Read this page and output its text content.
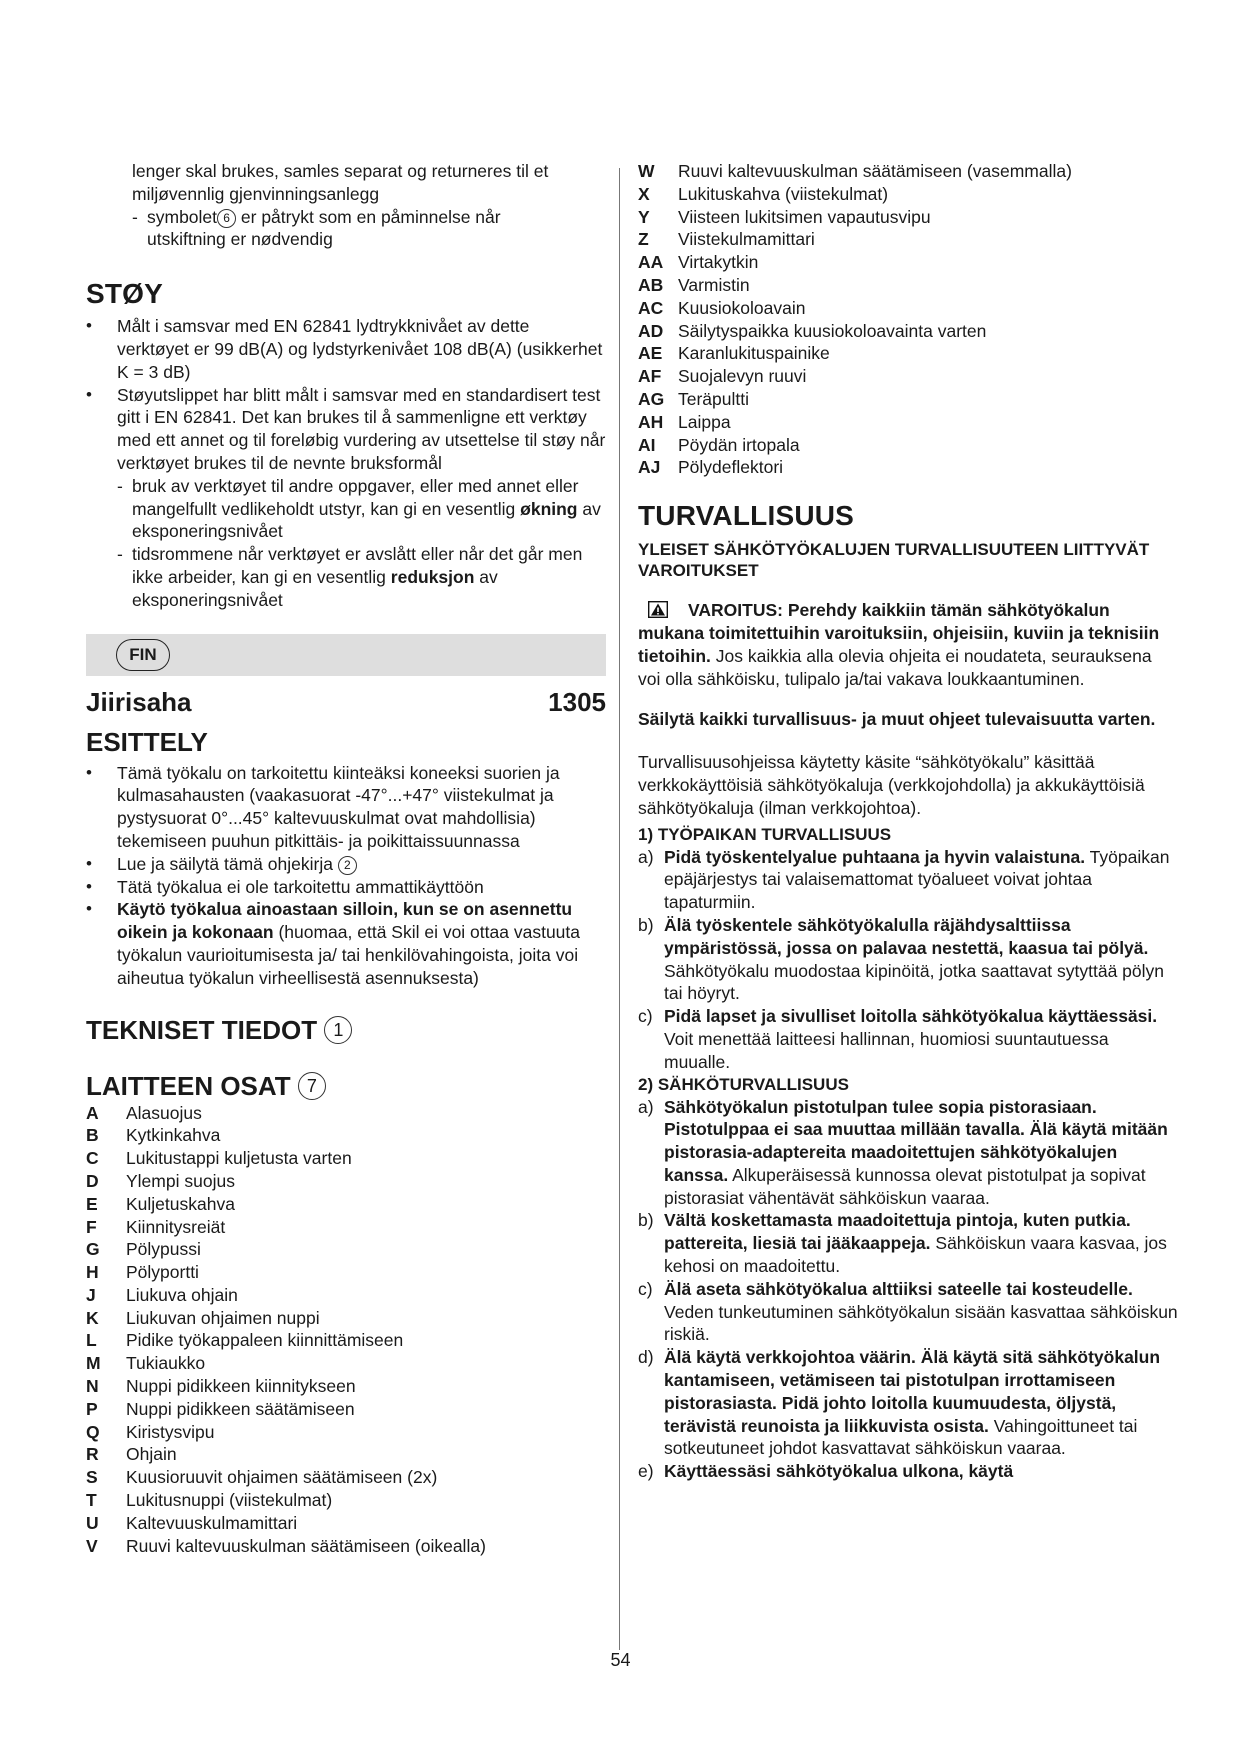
lenger skal brukes, samles separat og returneres til et

miljøvennlig gjenvinningsanlegg

- symbolet 6 er påtrykt som en påminnelse når
utskiftning er nødvendig
STØY
• Målt i samsvar med EN 62841 lydtrykknivået av dette verktøyet er 99 dB(A) og lydstyrkenivået 108 dB(A) (usikkerhet K = 3 dB)
• Støyutslippet har blitt målt i samsvar med en standardisert test gitt i EN 62841. Det kan brukes til å sammenligne ett verktøy med ett annet og til foreløbig vurdering av utsettelse til støy når verktøyet brukes til de nevnte bruksformål
- bruk av verktøyet til andre oppgaver, eller med annet eller mangelfullt vedlikeholdt utstyr, kan gi en vesentlig økning av eksponeringsnivået
- tidsrommene når verktøyet er avslått eller når det går men ikke arbeider, kan gi en vesentlig reduksjon av eksponeringsnivået
FIN
Jiirisaha	1305
ESITTELY
• Tämä työkalu on tarkoitettu kiinteäksi koneeksi suorien ja kulmasahausten (vaakasuorat -47°...+47° viistekulmat ja pystysuorat 0°...45° kaltevuuskulmat ovat mahdollisia) tekemiseen puuhun pitkittäis- ja poikittaissuunnassa
• Lue ja säilytä tämä ohjekirja 2
• Tätä työkalua ei ole tarkoitettu ammattikäyttöön
• Käytö työkalua ainoastaan silloin, kun se on asennettu oikein ja kokonaan (huomaa, että Skil ei voi ottaa vastuuta työkalun vaurioitumisesta ja/ tai henkilövahingoista, joita voi aiheutua työkalun virheellisestä asennuksesta)
TEKNISET TIEDOT 1
LAITTEEN OSAT 7
A	Alasuojus
B	Kytkinkahva
C	Lukitustappi kuljetusta varten
D	Ylempi suojus
E	Kuljetuskahva
F	Kiinnitysreiät
G	Pölypussi
H	Pölyportti
J	Liukuva ohjain
K	Liukuvan ohjaimen nuppi
L	Pidike työkappaleen kiinnittämiseen
M	Tukiaukko
N	Nuppi pidikkeen kiinnitykseen
P	Nuppi pidikkeen säätämiseen
Q	Kiristysvipu
R	Ohjain
S	Kuusioruuvit ohjaimen säätämiseen (2x)
T	Lukitusnuppi (viistekulmat)
U	Kaltevuuskulmamittari
V	Ruuvi kaltevuuskulman säätämiseen (oikealla)
W	Ruuvi kaltevuuskulman säätämiseen (vasemmalla)
X	Lukituskahva (viistekulmat)
Y	Viisteen lukitsimen vapautusvipu
Z	Viistekulmamittari
AA Virtakytkin
AB Varmistin
AC Kuusiokoloavain
AD Säilytyspaikka kuusiokoloavainta varten
AE Karanlukituspainike
AF Suojalevyn ruuvi
AG Teräpultti
AH Laippa
AI	Pöydän irtopala
AJ	Pölydeflektori
TURVALLISUUS
YLEISET SÄHKÖTYÖKALUJEN TURVALLISUUTEEN LIITTYVÄT VAROITUKSET
VAROITUS: Perehdy kaikkiin tämän sähkötyökalun mukana toimitettuihin varoituksiin, ohjeisiin, kuviin ja teknisiin tietoihin. Jos kaikkia alla olevia ohjeita ei noudateta, seurauksena voi olla sähköisku, tulipalo ja/tai vakava loukkaantuminen.
Säilytä kaikki turvallisuus- ja muut ohjeet tulevaisuutta varten.
Turvallisuusohjeissa käytetty käsite “sähkötyökalu” käsittää verkkokäyttöisiä sähkötyökaluja (verkkojohdolla) ja akkukäyttöisiä sähkötyökaluja (ilman verkkojohtoa).
1) TYÖPAIKAN TURVALLISUUS
a) Pidä työskentelyalue puhtaana ja hyvin valaistuna. Työpaikan epäjärjestys tai valaisemattomat työalueet voivat johtaa tapaturmiin.
b) Älä työskentele sähkötyökalulla räjähdysalttiissa ympäristössä, jossa on palavaa nestettä, kaasua tai pölyä. Sähkötyökalu muodostaa kipinöitä, jotka saattavat sytyttää pölyn tai höyryt.
c) Pidä lapset ja sivulliset loitolla sähkötyökalua käyttäessäsi. Voit menettää laitteesi hallinnan, huomiosi suuntautuessa muualle.
2) SÄHKÖTURVALLISUUS
a) Sähkötyökalun pistotulpan tulee sopia pistorasiaan. Pistotulppaa ei saa muuttaa millään tavalla. Älä käytä mitään pistorasia-adaptereita maadoitettujen sähkötyökalujen kanssa. Alkuperäisessä kunnossa olevat pistotulpat ja sopivat pistorasiat vähentävät sähköiskun vaaraa.
b) Vältä koskettamasta maadoitettuja pintoja, kuten putkia. pattereita, liesiä tai jääkaappeja. Sähköiskun vaara kasvaa, jos kehosi on maadoitettu.
c) Älä aseta sähkötyökalua alttiiksi sateelle tai kosteudelle. Veden tunkeutuminen sähkötyökalun sisään kasvattaa sähköiskun riskiä.
d) Älä käytä verkkojohtoa väärin. Älä käytä sitä sähkötyökalun kantamiseen, vetämiseen tai pistotulpan irrottamiseen pistorasiasta. Pidä johto loitolla kuumuudesta, öljystä, terävistä reunoista ja liikkuvista osista. Vahingoittuneet tai sotkeutuneet johdot kasvattavat sähköiskun vaaraa.
e) Käyttäessäsi sähkötyökalua ulkona, käytä
54
